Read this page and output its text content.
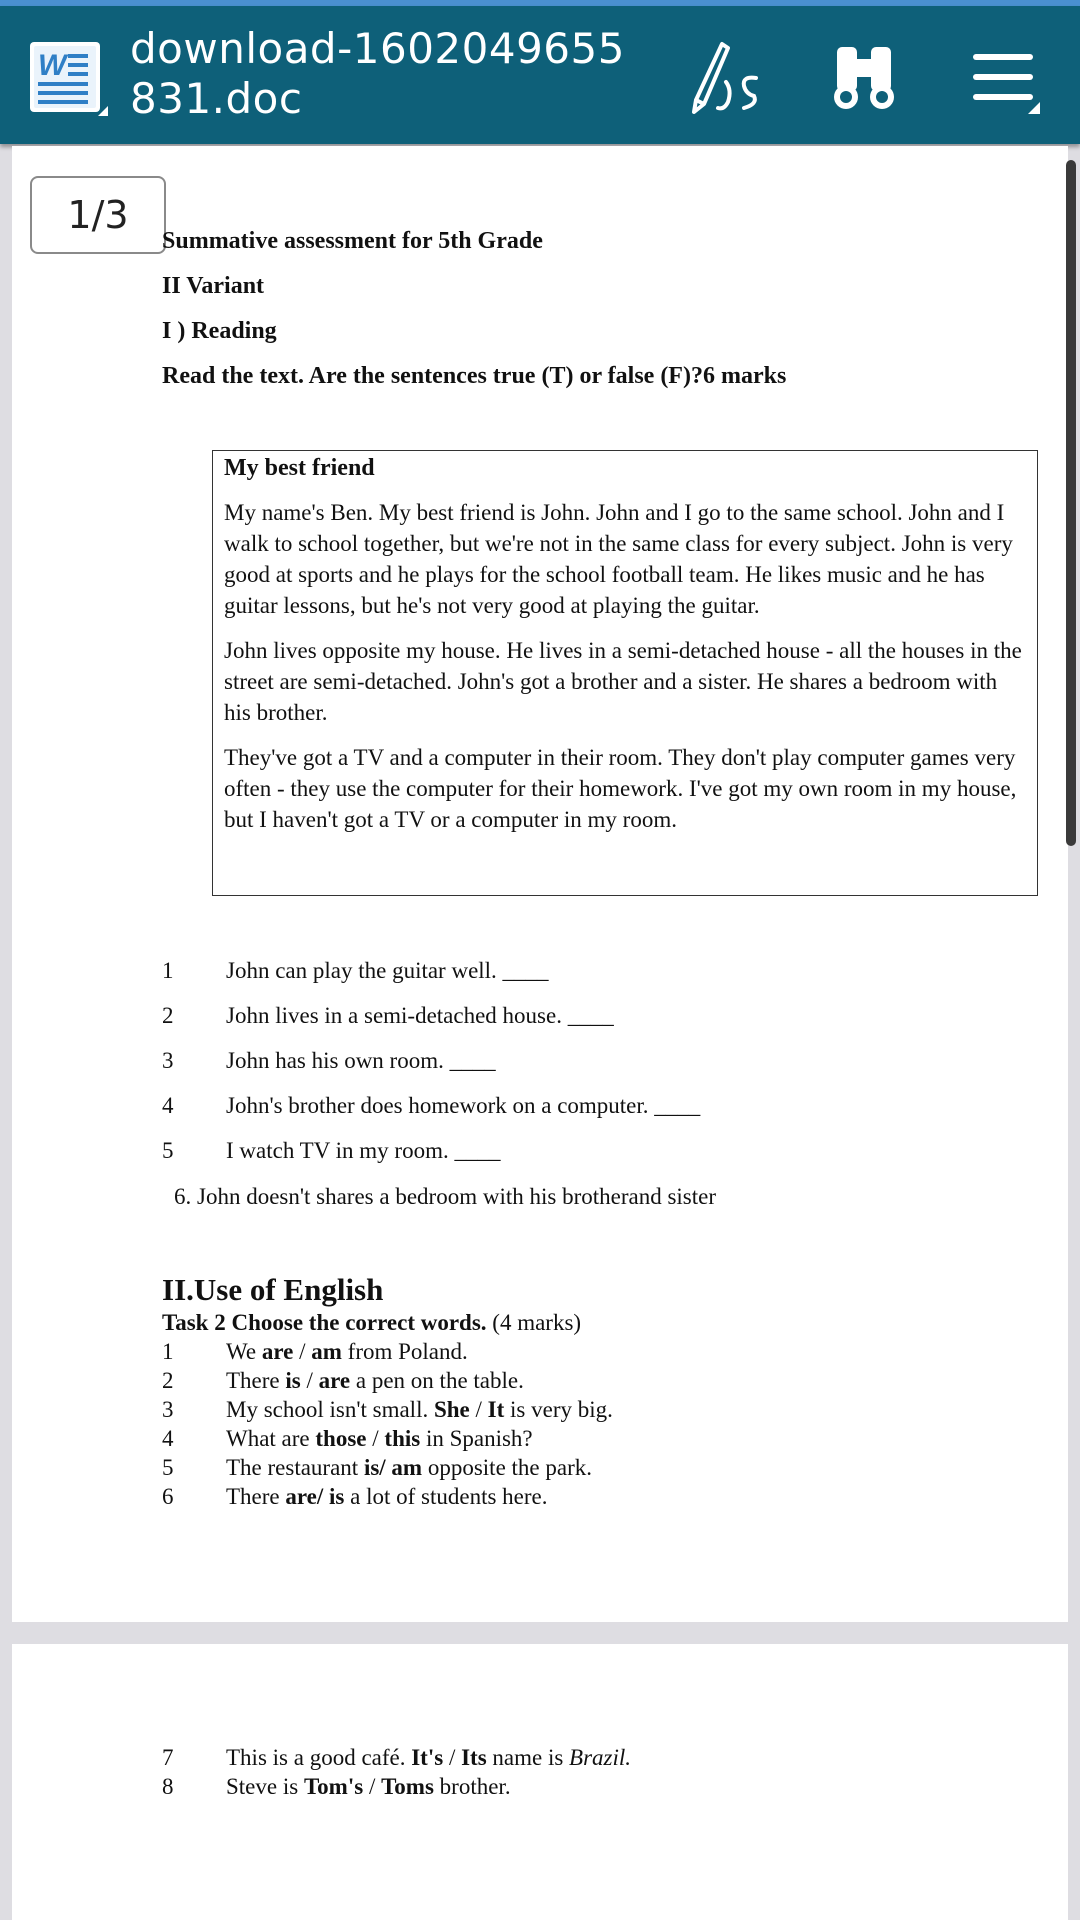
W download-1602049655831.doc
1/3
Summative assessment for 5th Grade
II Variant
I ) Reading
Read the text. Are the sentences true (T) or false (F)?6 marks
My best friend

My name's Ben. My best friend is John. John and I go to the same school. John and I walk to school together, but we're not in the same class for every subject. John is very good at sports and he plays for the school football team. He likes music and he has guitar lessons, but he's not very good at playing the guitar.

John lives opposite my house. He lives in a semi-detached house - all the houses in the street are semi-detached. John's got a brother and a sister. He shares a bedroom with his brother.

They've got a TV and a computer in their room. They don't play computer games very often - they use the computer for their homework. I've got my own room in my house, but I haven't got a TV or a computer in my room.

1 John can play the guitar well. ____
2 John lives in a semi-detached house. ____
3 John has his own room. ____
4 John's brother does homework on a computer. ____
5 I watch TV in my room. ____
6. John doesn't shares a bedroom with his brotherand sister
II.Use of English
Task 2 Choose the correct words. (4 marks)
1 We are / am from Poland.
2 There is / are a pen on the table.
3 My school isn't small. She / It is very big.
4 What are those / this in Spanish?
5 The restaurant is/ am opposite the park.
6 There are/ is a lot of students here.
7 This is a good café. It's / Its name is Brazil.
8 Steve is Tom's / Toms brother.
